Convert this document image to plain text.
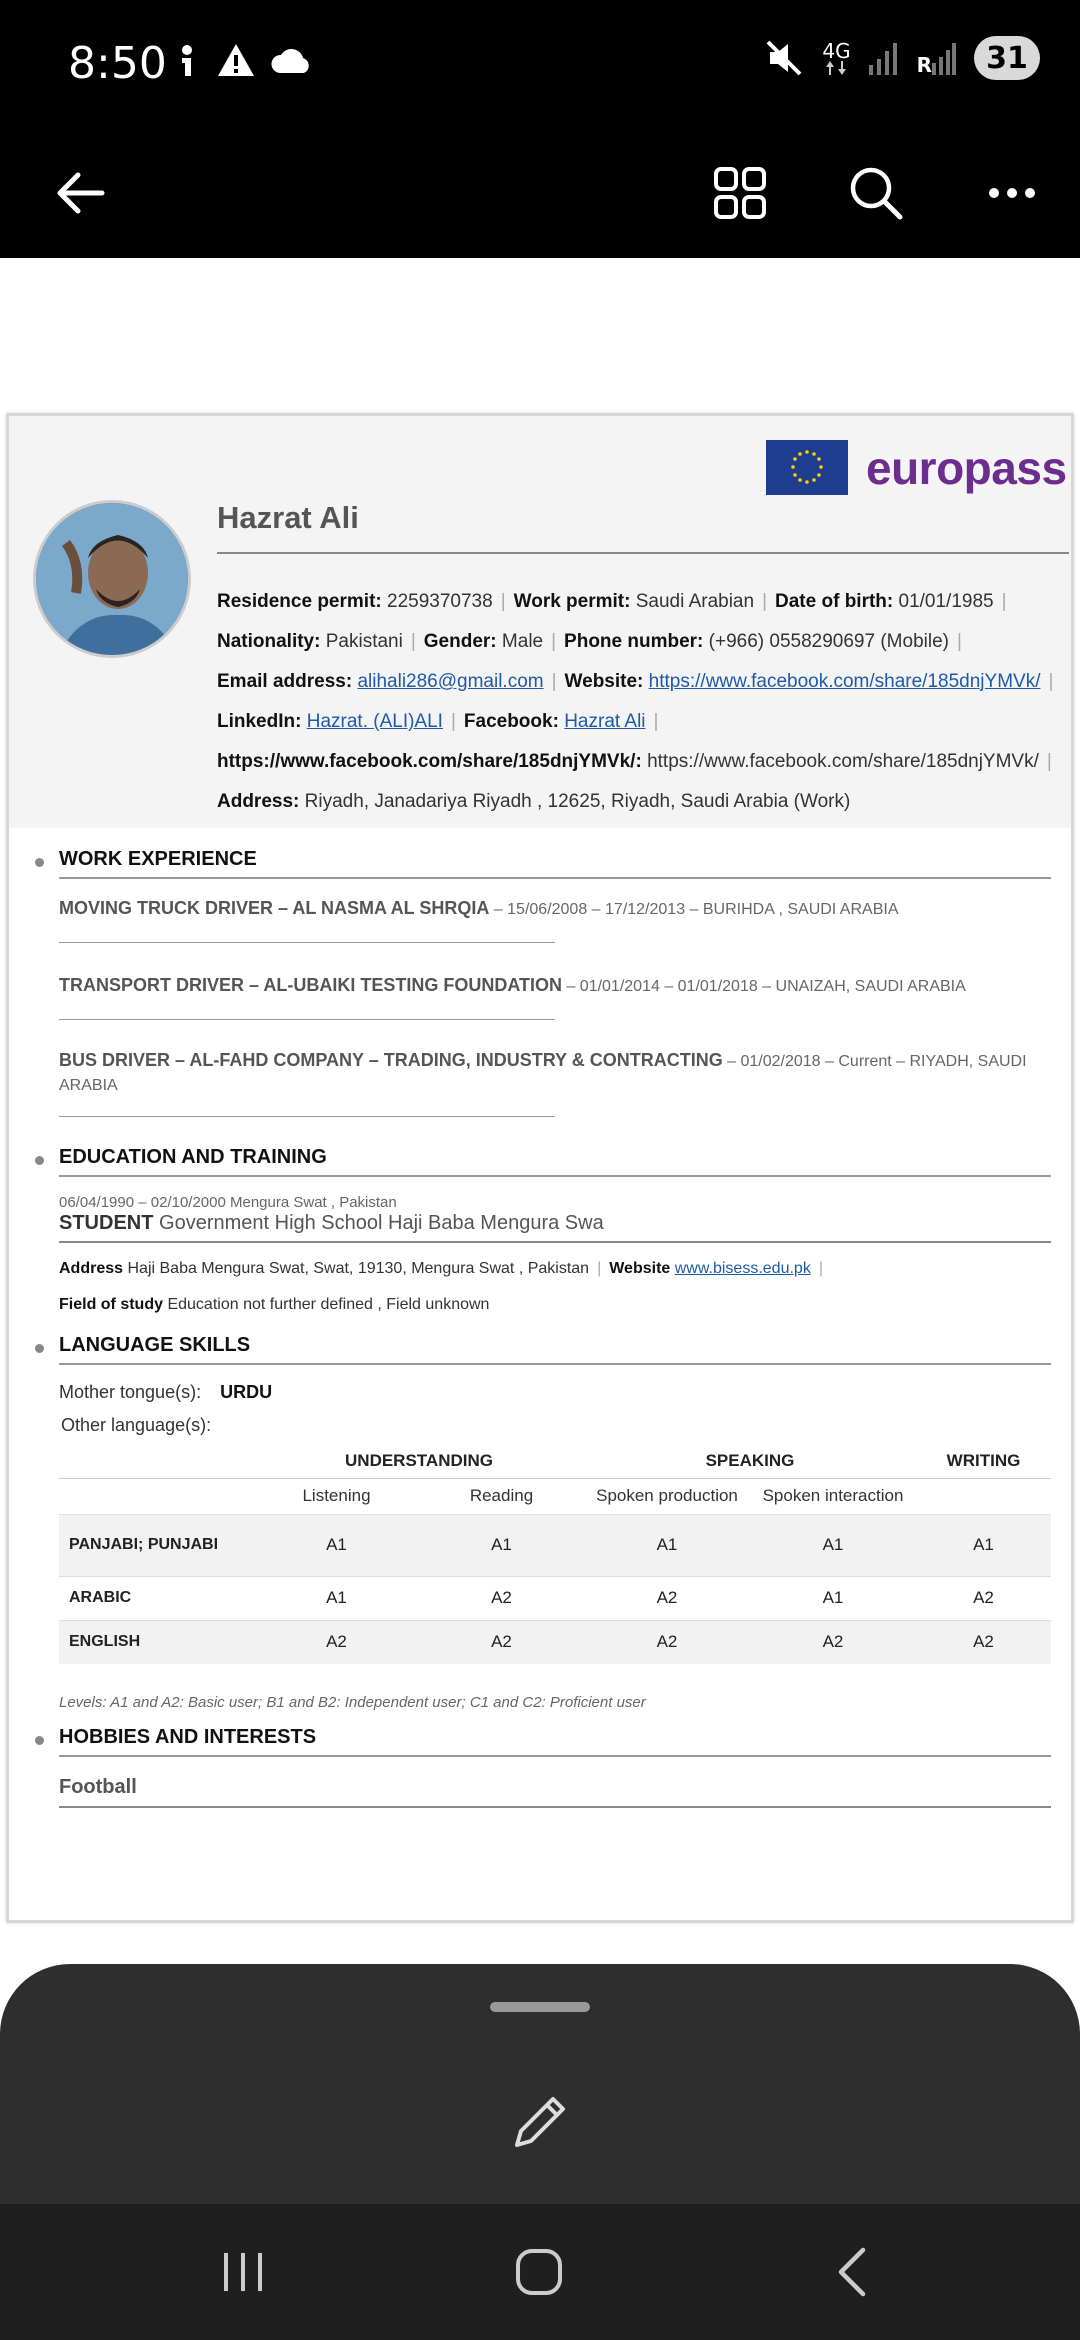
8:50	4G
R	31
europass
Hazrat Ali
Residence permit: 2259370738 | Work permit: Saudi Arabian | Date of birth: 01/01/1985 |
Nationality: Pakistani | Gender: Male | Phone number: (+966) 0558290697 (Mobile) |
Email address: alihali286@gmail.com | Website: https://www.facebook.com/share/185dnjYMVk/ |
LinkedIn: Hazrat. (ALI)ALI | Facebook: Hazrat Ali |
https://www.facebook.com/share/185dnjYMVk/: https://www.facebook.com/share/185dnjYMVk/ |
Address: Riyadh, Janadariya Riyadh , 12625, Riyadh, Saudi Arabia (Work)
WORK EXPERIENCE
MOVING TRUCK DRIVER – AL NASMA AL SHRQIA – 15/06/2008 – 17/12/2013 – BURIHDA , SAUDI ARABIA
TRANSPORT DRIVER – AL-UBAIKI TESTING FOUNDATION – 01/01/2014 – 01/01/2018 – UNAIZAH, SAUDI ARABIA
BUS DRIVER – AL-FAHD COMPANY – TRADING, INDUSTRY & CONTRACTING – 01/02/2018 – Current – RIYADH, SAUDI ARABIA
EDUCATION AND TRAINING
06/04/1990 – 02/10/2000 Mengura Swat , Pakistan
STUDENT Government High School Haji Baba Mengura Swa
Address Haji Baba Mengura Swat, Swat, 19130, Mengura Swat , Pakistan | Website www.bisess.edu.pk |
Field of study Education not further defined , Field unknown
LANGUAGE SKILLS
Mother tongue(s): URDU
Other language(s):
	UNDERSTANDING		SPEAKING		WRITING
	Listening	Reading	Spoken production	Spoken interaction	
PANJABI; PUNJABI	A1	A1	A1	A1	A1
ARABIC	A1	A2	A2	A1	A2
ENGLISH	A2	A2	A2	A2	A2
Levels: A1 and A2: Basic user; B1 and B2: Independent user; C1 and C2: Proficient user
HOBBIES AND INTERESTS
Football
